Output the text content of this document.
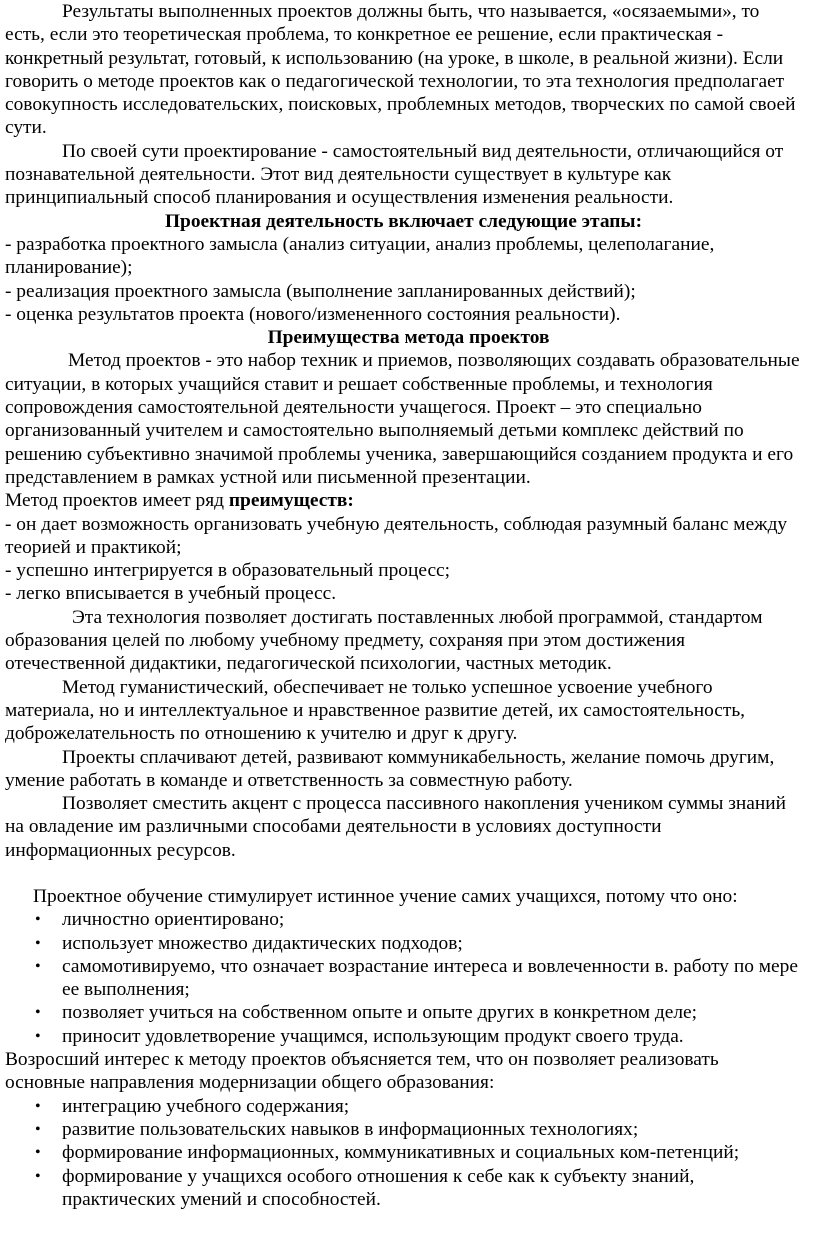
Результаты выполненных проектов должны быть, что называется, «осязаемыми», то есть, если это теоретическая проблема, то конкретное ее решение, если практическая - конкретный результат, готовый, к использованию (на уроке, в школе, в реальной жизни). Если говорить о методе проектов как о педагогической технологии, то эта технология предполагает совокупность исследовательских, поисковых, проблемных методов, творческих по самой своей сути.

По своей сути проектирование - самостоятельный вид деятельности, отличающийся от познавательной деятельности. Этот вид деятельности существует в культуре как принципиальный способ планирования и осуществления изменения реальности.

Проектная деятельность включает следующие этапы:

- разработка проектного замысла (анализ ситуации, анализ проблемы, целеполагание, планирование);

- реализация проектного замысла (выполнение запланированных действий);

- оценка результатов проекта (нового/измененного состояния реальности).

Преимущества метода проектов

Метод проектов - это набор техник и приемов, позволяющих создавать образовательные ситуации, в которых учащийся ставит и решает собственные проблемы, и технология сопровождения самостоятельной деятельности учащегося. Проект – это специально организованный учителем и самостоятельно выполняемый детьми комплекс действий по решению субъективно значимой проблемы ученика, завершающийся созданием продукта и его представлением в рамках устной или письменной презентации.

Метод проектов имеет ряд преимуществ:

- он дает возможность организовать учебную деятельность, соблюдая разумный баланс между теорией и практикой;

- успешно интегрируется в образовательный процесс;

- легко вписывается в учебный процесс.

Эта технология позволяет достигать поставленных любой программой, стандартом образования целей по любому учебному предмету, сохраняя при этом достижения отечественной дидактики, педагогической психологии, частных методик.

Метод гуманистический, обеспечивает не только успешное усвоение учебного материала, но и интеллектуальное и нравственное развитие детей, их самостоятельность, доброжелательность по отношению к учителю и друг к другу.

Проекты сплачивают детей, развивают коммуникабельность, желание помочь другим, умение работать в команде и ответственность за совместную работу.

Позволяет сместить акцент с процесса пассивного накопления учеником суммы знаний на овладение им различными способами деятельности в условиях доступности информационных ресурсов.

Проектное обучение стимулирует истинное учение самих учащихся, потому что оно:

• личностно ориентировано;
• использует множество дидактических подходов;
• самомотивируемо, что означает возрастание интереса и вовлеченности в. работу по мере ее выполнения;
• позволяет учиться на собственном опыте и опыте других в конкретном деле;
• приносит удовлетворение учащимся, использующим продукт своего труда.

Возросший интерес к методу проектов объясняется тем, что он позволяет реализовать основные направления модернизации общего образования:

• интеграцию учебного содержания;
• развитие пользовательских навыков в информационных технологиях;
• формирование информационных, коммуникативных и социальных ком-петенций;
• формирование у учащихся особого отношения к себе как к субъекту знаний, практических умений и способностей.
